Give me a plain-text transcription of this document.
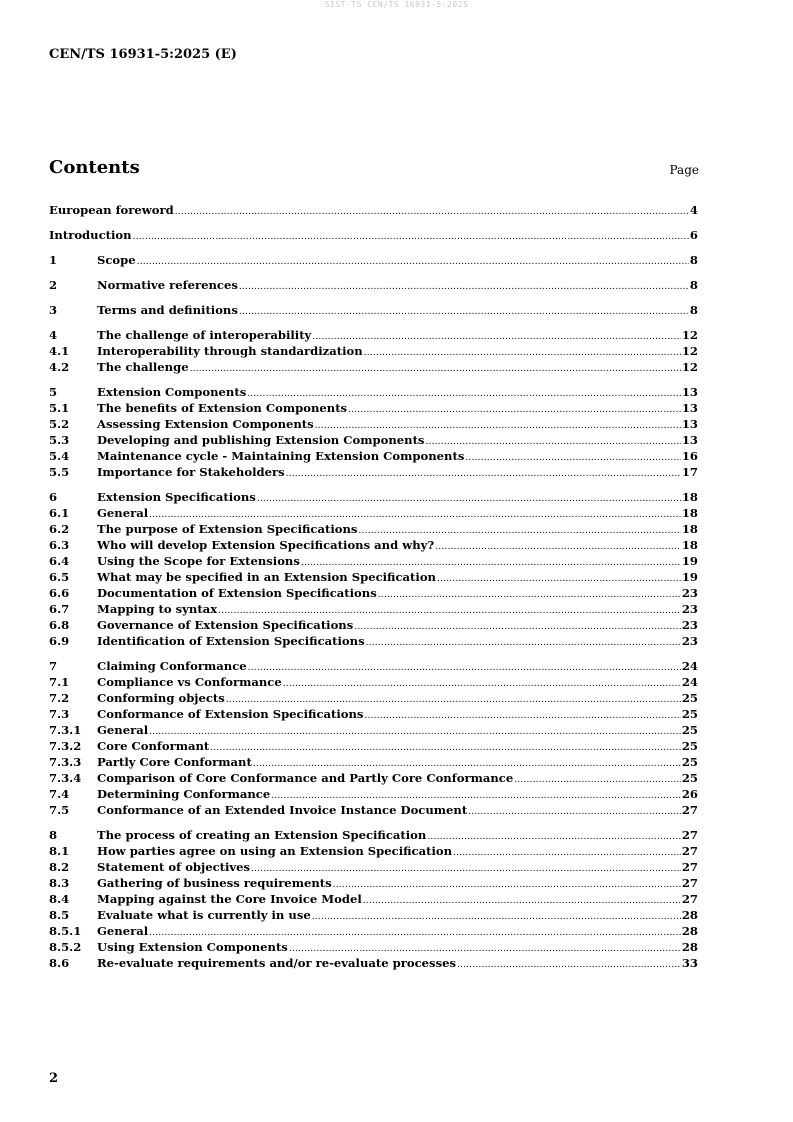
SIST-TS CEN/TS 16931-5:2025
CEN/TS 16931-5:2025 (E)
Contents	Page
European foreword .....	4
Introduction .....	6
1	Scope .....	8
2	Normative references .....	8
3	Terms and definitions .....	8
4	The challenge of interoperability .....	12
4.1	Interoperability through standardization .....	12
4.2	The challenge .....	12
5	Extension Components .....	13
5.1	The benefits of Extension Components .....	13
5.2	Assessing Extension Components .....	13
5.3	Developing and publishing Extension Components .....	13
5.4	Maintenance cycle - Maintaining Extension Components .....	16
5.5	Importance for Stakeholders .....	17
6	Extension Specifications .....	18
6.1	General .....	18
6.2	The purpose of Extension Specifications .....	18
6.3	Who will develop Extension Specifications and why? .....	18
6.4	Using the Scope for Extensions .....	19
6.5	What may be specified in an Extension Specification .....	19
6.6	Documentation of Extension Specifications .....	23
6.7	Mapping to syntax .....	23
6.8	Governance of Extension Specifications .....	23
6.9	Identification of Extension Specifications .....	23
7	Claiming Conformance .....	24
7.1	Compliance vs Conformance .....	24
7.2	Conforming objects .....	25
7.3	Conformance of Extension Specifications .....	25
7.3.1	General .....	25
7.3.2	Core Conformant .....	25
7.3.3	Partly Core Conformant .....	25
7.3.4	Comparison of Core Conformance and Partly Core Conformance .....	25
7.4	Determining Conformance .....	26
7.5	Conformance of an Extended Invoice Instance Document .....	27
8	The process of creating an Extension Specification .....	27
8.1	How parties agree on using an Extension Specification .....	27
8.2	Statement of objectives .....	27
8.3	Gathering of business requirements .....	27
8.4	Mapping against the Core Invoice Model .....	27
8.5	Evaluate what is currently in use .....	28
8.5.1	General .....	28
8.5.2	Using Extension Components .....	28
8.6	Re-evaluate requirements and/or re-evaluate processes .....	33
2
